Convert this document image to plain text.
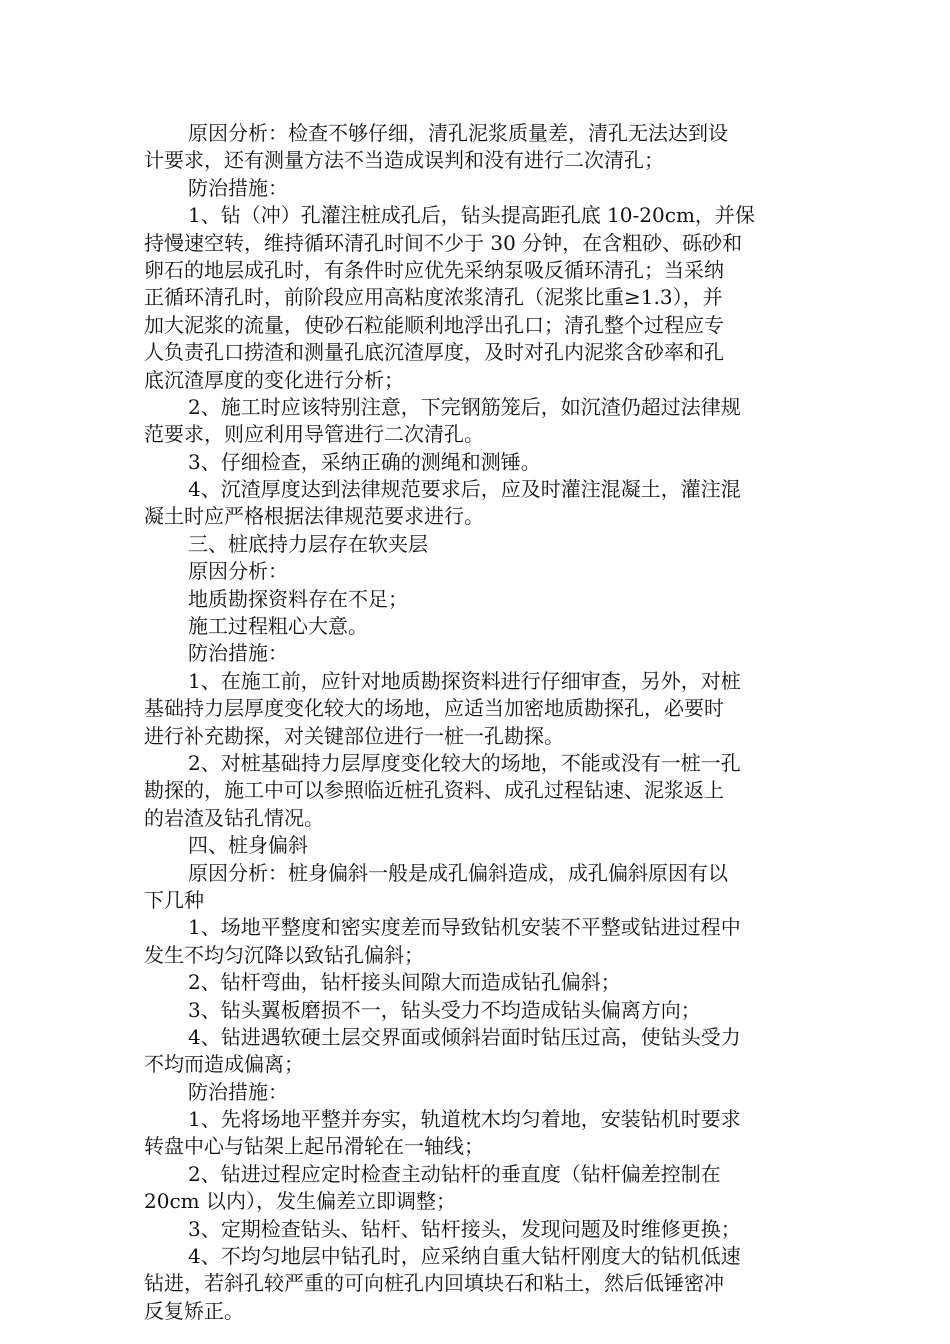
原因分析：检查不够仔细，清孔泥浆质量差，清孔无法达到设
计要求，还有测量方法不当造成误判和没有进行二次清孔；
防治措施：
1、钻（冲）孔灌注桩成孔后，钻头提高距孔底 10-20cm，并保
持慢速空转，维持循环清孔时间不少于 30 分钟，在含粗砂、砾砂和
卵石的地层成孔时，有条件时应优先采纳泵吸反循环清孔；当采纳
正循环清孔时，前阶段应用高粘度浓浆清孔（泥浆比重≥1.3），并
加大泥浆的流量，使砂石粒能顺利地浮出孔口；清孔整个过程应专
人负责孔口捞渣和测量孔底沉渣厚度，及时对孔内泥浆含砂率和孔
底沉渣厚度的变化进行分析；
2、施工时应该特别注意，下完钢筋笼后，如沉渣仍超过法律规
范要求，则应利用导管进行二次清孔。
3、仔细检查，采纳正确的测绳和测锤。
4、沉渣厚度达到法律规范要求后，应及时灌注混凝土，灌注混
凝土时应严格根据法律规范要求进行。
三、桩底持力层存在软夹层
原因分析：
地质勘探资料存在不足；
施工过程粗心大意。
防治措施：
1、在施工前，应针对地质勘探资料进行仔细审查，另外，对桩
基础持力层厚度变化较大的场地，应适当加密地质勘探孔，必要时
进行补充勘探，对关键部位进行一桩一孔勘探。
2、对桩基础持力层厚度变化较大的场地，不能或没有一桩一孔
勘探的，施工中可以参照临近桩孔资料、成孔过程钻速、泥浆返上
的岩渣及钻孔情况。
四、桩身偏斜
原因分析：桩身偏斜一般是成孔偏斜造成，成孔偏斜原因有以
下几种
1、场地平整度和密实度差而导致钻机安装不平整或钻进过程中
发生不均匀沉降以致钻孔偏斜；
2、钻杆弯曲，钻杆接头间隙大而造成钻孔偏斜；
3、钻头翼板磨损不一，钻头受力不均造成钻头偏离方向；
4、钻进遇软硬土层交界面或倾斜岩面时钻压过高，使钻头受力
不均而造成偏离；
防治措施：
1、先将场地平整并夯实，轨道枕木均匀着地，安装钻机时要求
转盘中心与钻架上起吊滑轮在一轴线；
2、钻进过程应定时检查主动钻杆的垂直度（钻杆偏差控制在
20cm 以内），发生偏差立即调整；
3、定期检查钻头、钻杆、钻杆接头，发现问题及时维修更换；
4、不均匀地层中钻孔时，应采纳自重大钻杆刚度大的钻机低速
钻进，若斜孔较严重的可向桩孔内回填块石和粘土，然后低锤密冲
反复矫正。
